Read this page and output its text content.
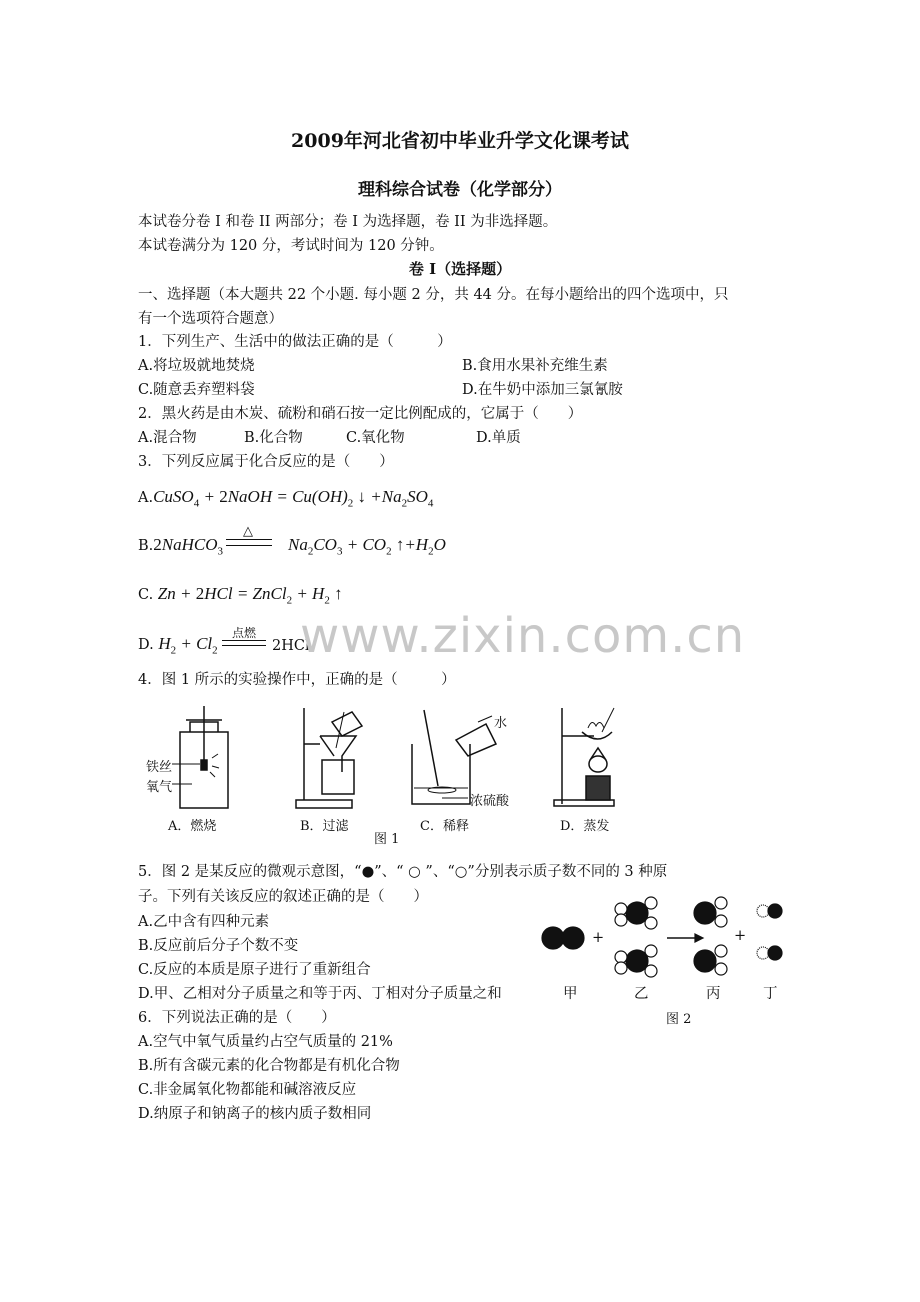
2009年河北省初中毕业升学文化课考试
理科综合试卷（化学部分）
本试卷分卷 I 和卷 II 两部分；卷 I 为选择题，卷 II 为非选择题。
本试卷满分为 120 分，考试时间为 120 分钟。
卷 I（选择题）
一、选择题（本大题共 22 个小题. 每小题 2 分，共 44 分。在每小题给出的四个选项中，只
有一个选项符合题意）
1．下列生产、生活中的做法正确的是（　　　）
A.将垃圾就地焚烧	B.食用水果补充维生素
C.随意丢弃塑料袋	D.在牛奶中添加三氯氰胺
2．黑火药是由木炭、硫粉和硝石按一定比例配成的，它属于（　　）
A.混合物	B.化合物	C.氧化物	D.单质
3．下列反应属于化合反应的是（　　）
A.CuSO$_4$ + 2NaOH = $Cu(OH)_2$ ↓ $+Na_2SO_4$
B.2NaHCO$_3$
△
$Na_2CO_3 + CO_2$ $↑+H_2O$
C. Zn + 2HCl = ZnCl$_2$ + $H_2$ ↑
D. $H_2 + Cl_2$
点燃
2HCl
www.zixin.com.cn
4．图 1 所示的实验操作中，正确的是（　　　）
铁丝
氧气
水
浓硫酸
A．燃烧	B．过滤	C．稀释	D．蒸发
图 1
5．图 2 是某反应的微观示意图，“●”、“ ○ ”、“○”分别表示质子数不同的 3 种原
子。下列有关该反应的叙述正确的是（　　）
A.乙中含有四种元素
B.反应前后分子个数不变
C.反应的本质是原子进行了重新组合
D.甲、乙相对分子质量之和等于丙、丁相对分子质量之和
+	+
甲	乙	丙	丁
图 2
6．下列说法正确的是（　　）
A.空气中氧气质量约占空气质量的 21%
B.所有含碳元素的化合物都是有机化合物
C.非金属氧化物都能和碱溶液反应
D.纳原子和钠离子的核内质子数相同
